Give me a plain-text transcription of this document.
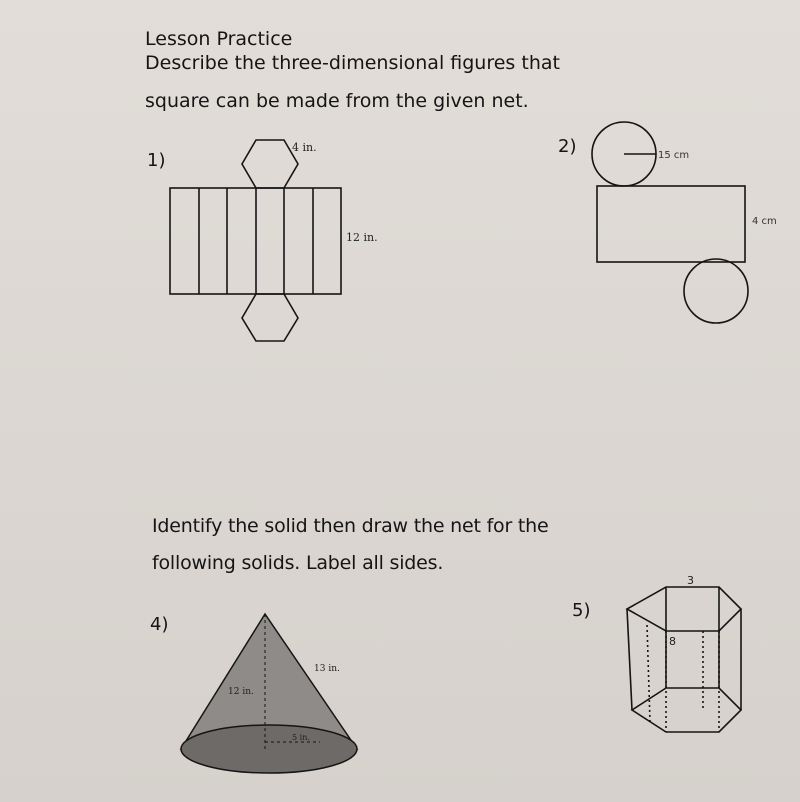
Lesson Practice
Describe the three-dimensional figures that
square can be made from the given net.
1)
2)
Identify the solid then draw the net for the
following solids. Label all sides.
4)
5)
4 in.
12 in.
15 cm
4 cm
13 in.
12 in.
5 in.
3
8
